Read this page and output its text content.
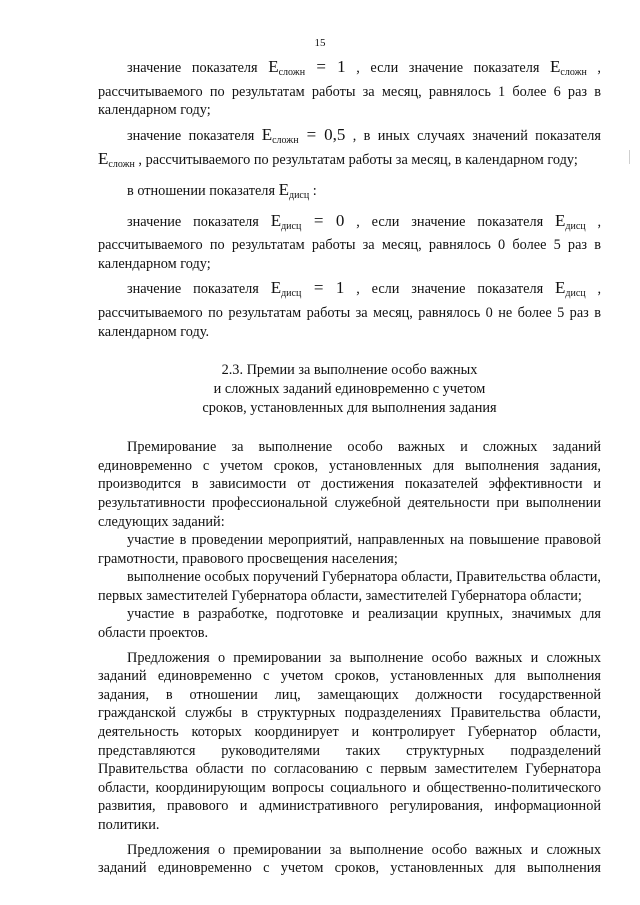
15

значение показателя $E_{сложн} = 1$ , если значение показателя $E_{сложн}$ , рассчитываемого по результатам работы за месяц, равнялось 1 более 6 раз в календарном году;

значение показателя $E_{сложн} = 0,5$ , в иных случаях значений показателя $E_{сложн}$ , рассчитываемого по результатам работы за месяц, в календарном году;

в отношении показателя $E_{дисц}$ :

значение показателя $E_{дисц} = 0$ , если значение показателя $E_{дисц}$ , рассчитываемого по результатам работы за месяц, равнялось 0 более 5 раз в календарном году;

значение показателя $E_{дисц} = 1$ , если значение показателя $E_{дисц}$ , рассчитываемого по результатам работы за месяц, равнялось 0 не более 5 раз в календарном году.

2.3. Премии за выполнение особо важных
и сложных заданий единовременно с учетом
сроков, установленных для выполнения задания

Премирование за выполнение особо важных и сложных заданий единовременно с учетом сроков, установленных для выполнения задания, производится в зависимости от достижения показателей эффективности и результативности профессиональной служебной деятельности при выполнении следующих заданий:

участие в проведении мероприятий, направленных на повышение правовой грамотности, правового просвещения населения;

выполнение особых поручений Губернатора области, Правительства области, первых заместителей Губернатора области, заместителей Губернатора области;

участие в разработке, подготовке и реализации крупных, значимых для области проектов.

Предложения о премировании за выполнение особо важных и сложных заданий единовременно с учетом сроков, установленных для выполнения задания, в отношении лиц, замещающих должности государственной гражданской службы в структурных подразделениях Правительства области, деятельность которых координирует и контролирует Губернатор области, представляются руководителями таких структурных подразделений Правительства области по согласованию с первым заместителем Губернатора области, координирующим вопросы социального и общественно-политического развития, правового и административного регулирования, информационной политики.

Предложения о премировании за выполнение особо важных и сложных заданий единовременно с учетом сроков, установленных для выполнения
